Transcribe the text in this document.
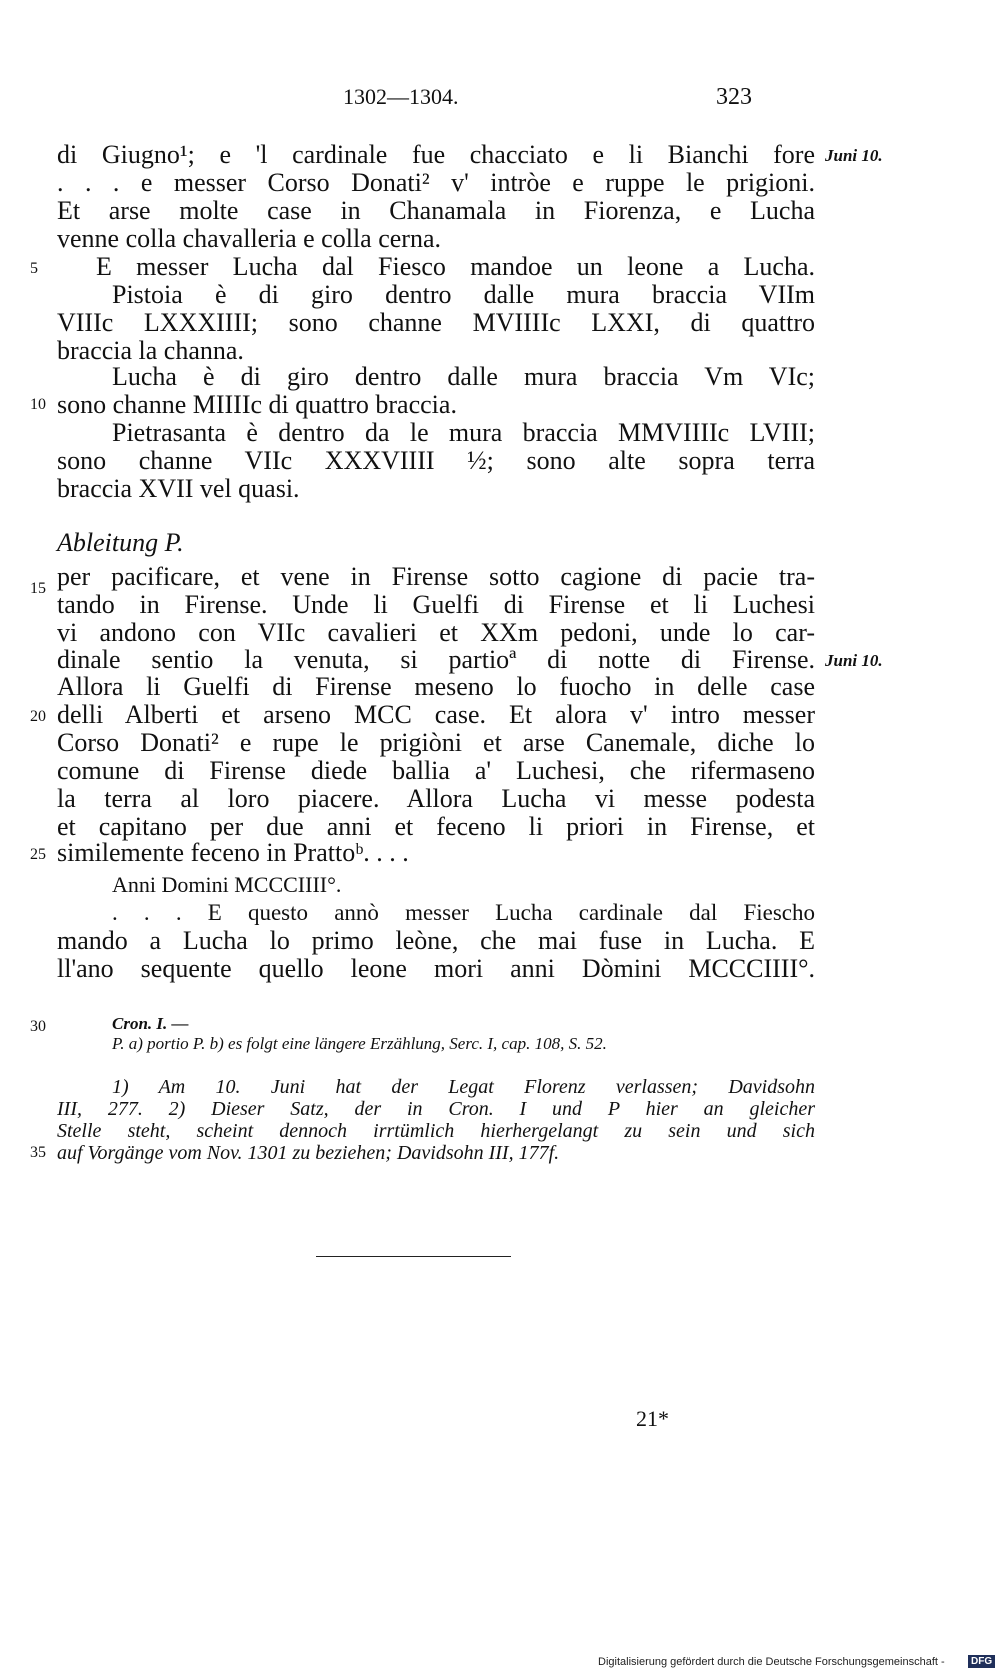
1302—1304.	323
di Giugno¹; e 'l cardinale fue chacciato e li Bianchi fore Juni 10.
. . . e messer Corso Donati² v' intròe e ruppe le prigioni.
Et arse molte case in Chanamala in Fiorenza, e Lucha
venne colla chavalleria e colla cerna.
5	E messer Lucha dal Fiesco mandoe un leone a Lucha.
Pistoia è di giro dentro dalle mura braccia VIIm
VIIIc LXXXIIII; sono channe MVIIIIc LXXI, di quattro
braccia la channa.
Lucha è di giro dentro dalle mura braccia Vm VIc;
10 sono channe MIIIIc di quattro braccia.
Pietrasanta è dentro da le mura braccia MMVIIIIc LVIII;
sono channe VIIc XXXVIIII ½; sono alte sopra terra
braccia XVII vel quasi.
Ableitung P.
15 per pacificare, et vene in Firense sotto cagione di pacie tra-
tando in Firense. Unde li Guelfi di Firense et li Luchesi
vi andono con VIIc cavalieri et XXm pedoni, unde lo car-
dinale sentio la venuta, si partioª di notte di Firense. Juni 10.
Allora li Guelfi di Firense meseno lo fuocho in delle case
20 delli Alberti et arseno MCC case. Et alora v' intro messer
Corso Donati² e rupe le prigiòni et arse Canemale, diche lo
comune di Firense diede ballia a' Luchesi, che rifermaseno
la terra al loro piacere. Allora Lucha vi messe podesta
et capitano per due anni et feceno li priori in Firense, et
25 similemente feceno in Prattoᵇ. . . .
Anni Domini MCCCIIII°.
. . . E questo annò messer Lucha cardinale dal Fiescho
mando a Lucha lo primo leòne, che mai fuse in Lucha. E
ll'ano sequente quello leone mori anni Dòmini MCCCIIII°.
30	Cron. I. —
P. a) portio P. b) es folgt eine längere Erzählung, Serc. I, cap. 108, S. 52.
1) Am 10. Juni hat der Legat Florenz verlassen; Davidsohn
III, 277. 2) Dieser Satz, der in Cron. I und P hier an gleicher
Stelle steht, scheint dennoch irrtümlich hierhergelangt zu sein und sich
35 auf Vorgänge vom Nov. 1301 zu beziehen; Davidsohn III, 177f.
21*
Digitalisierung gefördert durch die Deutsche Forschungsgemeinschaft -	DFG
